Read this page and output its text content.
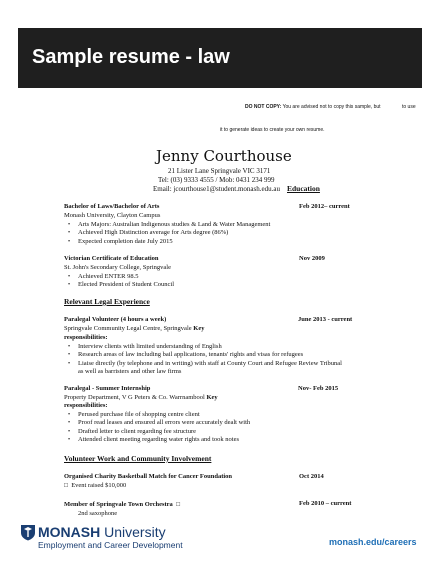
Sample resume - law
DO NOT COPY: You are advised not to copy this sample, but	to use
it to generate ideas to create your own resume.
Jenny Courthouse
21 Lister Lane Springvale VIC 3171
Tel: (03) 9333 4555 / Mob: 0431 234 999
Email: jcourthouse1@student.monash.edu.au Education
Bachelor of Laws/Bachelor of Arts	Feb 2012– current
Monash University, Clayton Campus
• Arts Majors: Australian Indigenous studies & Land & Water Management
• Achieved High Distinction average for Arts degree (86%)
• Expected completion date July 2015
Victorian Certificate of Education	Nov 2009
St. John's Secondary College, Springvale
• Achieved ENTER 98.5
• Elected President of Student Council
Relevant Legal Experience
Paralegal Volunteer (4 hours a week)	June 2013 - current
Springvale Community Legal Centre, Springvale Key
responsibilities:
• Interview clients with limited understanding of English
• Research areas of law including bail applications, tenants' rights and visas for refugees
• Liaise directly (by telephone and in writing) with staff at County Court and Refugee Review Tribunal
as well as barristers and other law firms
Paralegal - Summer Internship	Nov- Feb 2015
Property Department, V G Peters & Co. Warrnambool Key
responsibilities:
• Perused purchase file of shopping centre client
• Proof read leases and ensured all errors were accurately dealt with
• Drafted letter to client regarding fee structure
• Attended client meeting regarding water rights and took notes
Volunteer Work and Community Involvement
Organised Charity Basketball Match for Cancer Foundation	Oct 2014
□ Event raised $10,000
Member of Springvale Town Orchestra □	Feb 2010 – current
2nd saxophone
MONASH University
Employment and Career Development	monash.edu/careers
